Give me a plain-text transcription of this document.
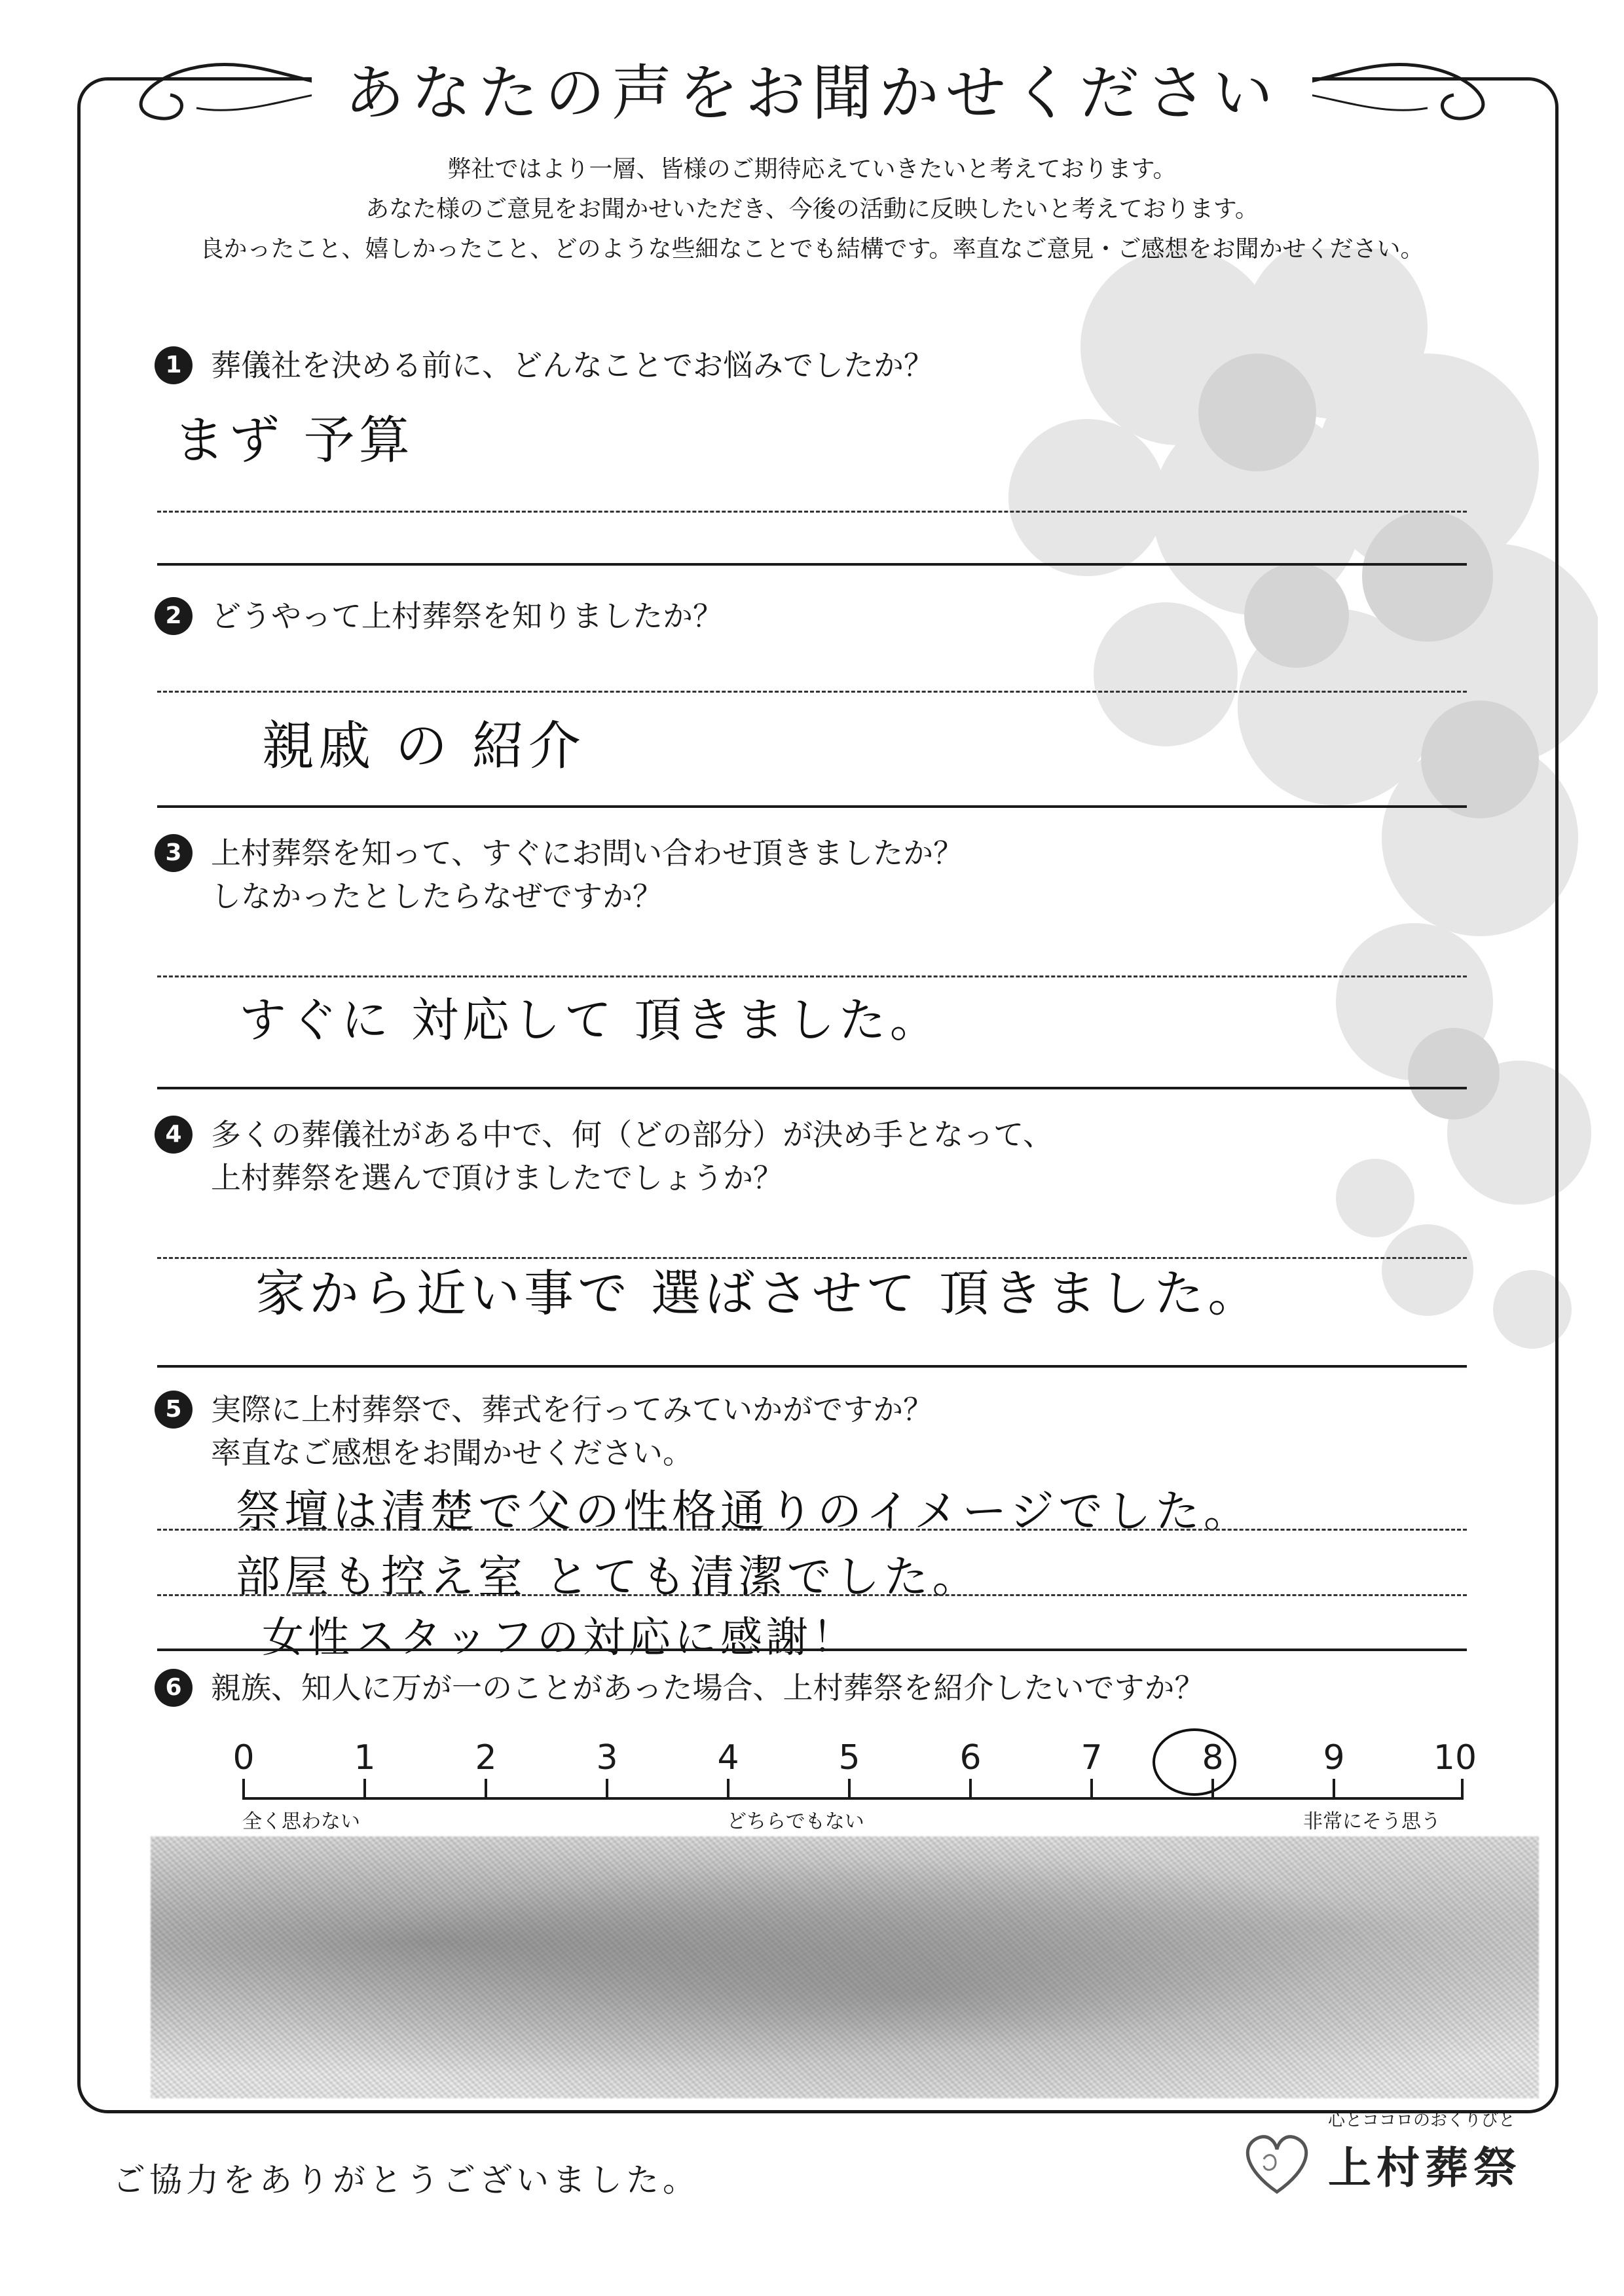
あなたの声をお聞かせください
弊社ではより一層、皆様のご期待応えていきたいと考えております。
あなた様のご意見をお聞かせいただき、今後の活動に反映したいと考えております。
良かったこと、嬉しかったこと、どのような些細なことでも結構です。率直なご意見・ご感想をお聞かせください。
1 葬儀社を決める前に、どんなことでお悩みでしたか？
まず 予算
2 どうやって上村葬祭を知りましたか？
親戚 の 紹介
3 上村葬祭を知って、すぐにお問い合わせ頂きましたか？
しなかったとしたらなぜですか？
すぐに 対応して 頂きました。
4 多くの葬儀社がある中で、何（どの部分）が決め手となって、
上村葬祭を選んで頂けましたでしょうか？
家から近い事で 選ばさせて 頂きました。
5 実際に上村葬祭で、葬式を行ってみていかがですか？
率直なご感想をお聞かせください。
祭壇は清楚で父の性格通りのイメージでした。
部屋も控え室 とても清潔でした。
女性スタッフの対応に感謝！
6 親族、知人に万が一のことがあった場合、上村葬祭を紹介したいですか？
0	1	2	3	4	5	6	7	8	9	10
全く思わない	どちらでもない	非常にそう思う
ご協力をありがとうございました。
心とココロのおくりびと
上村葬祭
